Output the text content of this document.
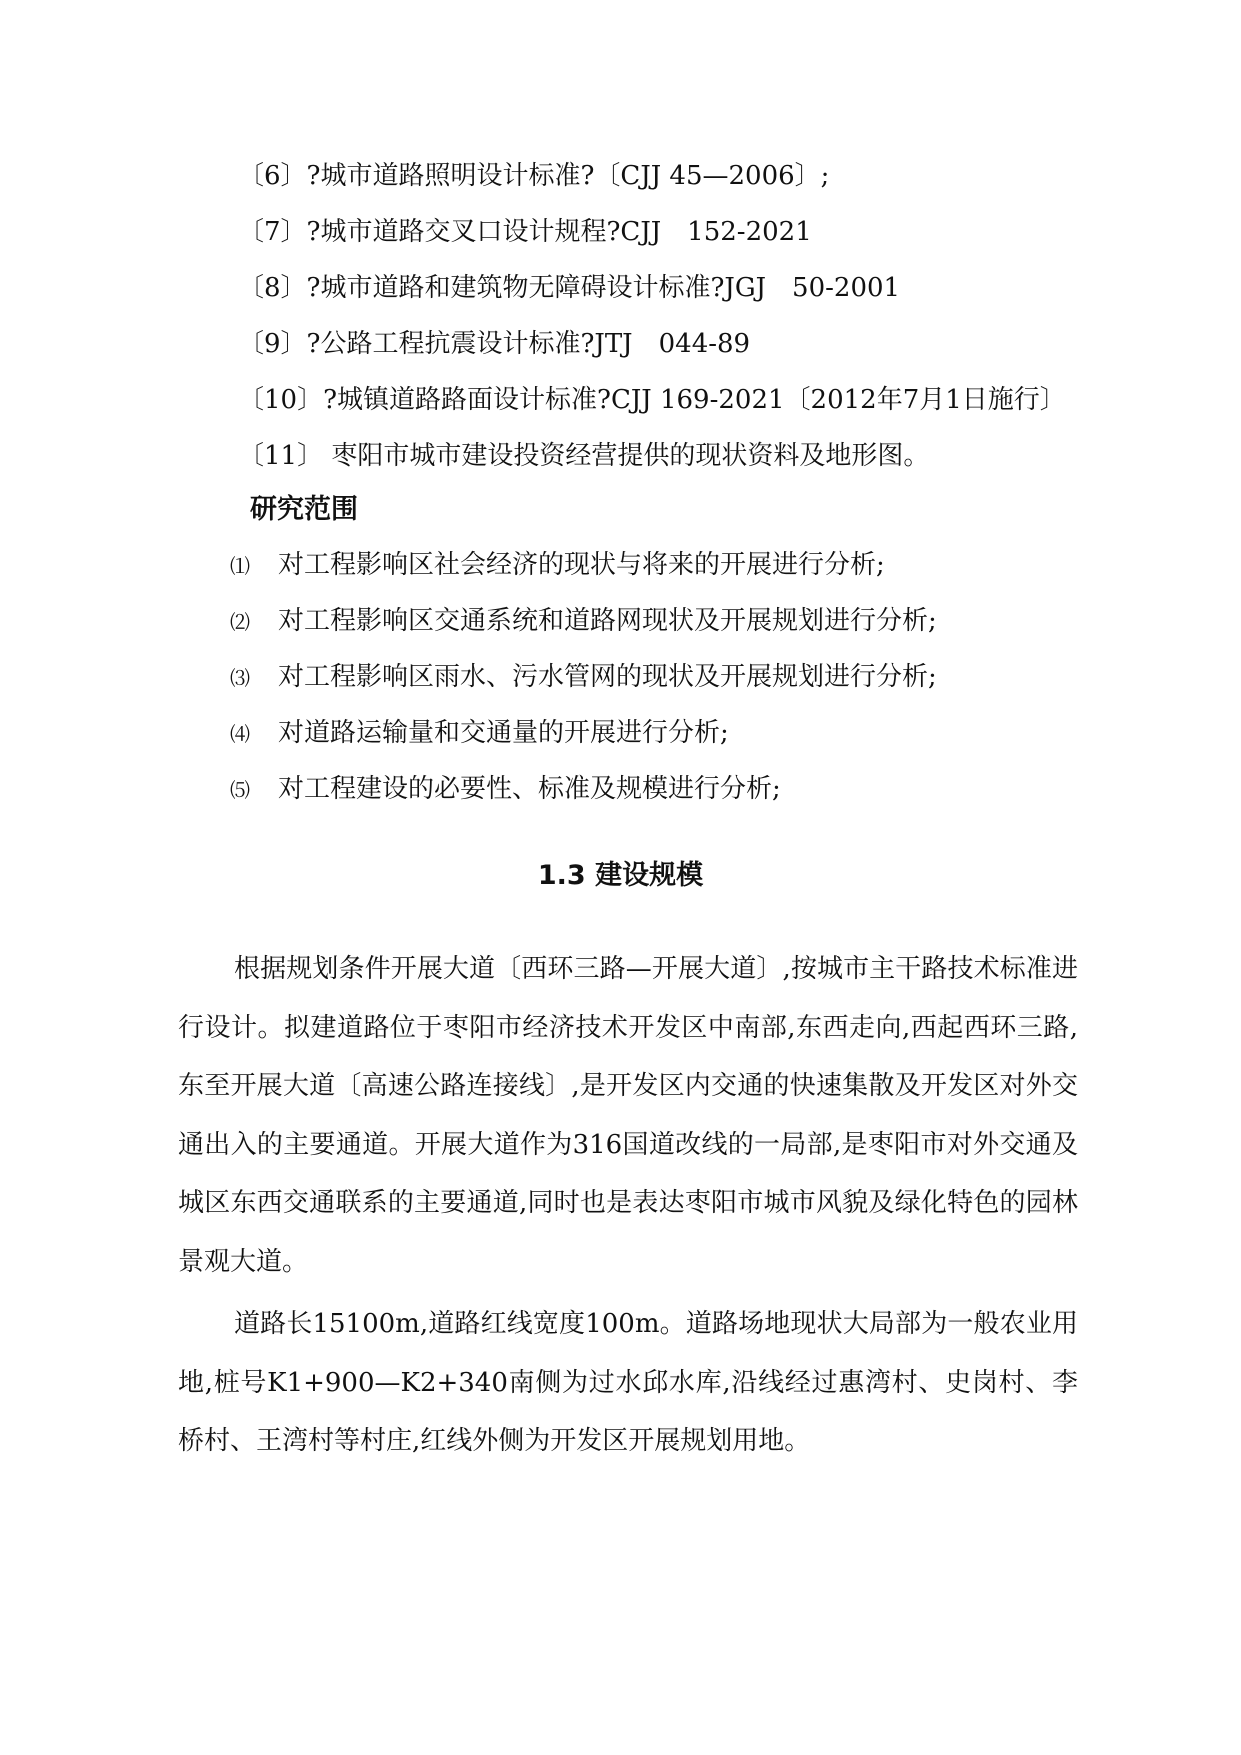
〔6〕?城市道路照明设计标准?〔CJJ 45—2006〕;
〔7〕?城市道路交叉口设计规程?CJJ　152-2021
〔8〕?城市道路和建筑物无障碍设计标准?JGJ　50-2001
〔9〕?公路工程抗震设计标准?JTJ　044-89
〔10〕?城镇道路路面设计标准?CJJ 169-2021〔2012年7月1日施行〕
〔11〕 枣阳市城市建设投资经营提供的现状资料及地形图。
研究范围
⑴ 对工程影响区社会经济的现状与将来的开展进行分析;
⑵ 对工程影响区交通系统和道路网现状及开展规划进行分析;
⑶ 对工程影响区雨水、污水管网的现状及开展规划进行分析;
⑷ 对道路运输量和交通量的开展进行分析;
⑸ 对工程建设的必要性、标准及规模进行分析;
1.3 建设规模

根据规划条件开展大道〔西环三路—开展大道〕,按城市主干路技术标准进行设计。拟建道路位于枣阳市经济技术开发区中南部,东西走向,西起西环三路,东至开展大道〔高速公路连接线〕,是开发区内交通的快速集散及开发区对外交通出入的主要通道。开展大道作为316国道改线的一局部,是枣阳市对外交通及城区东西交通联系的主要通道,同时也是表达枣阳市城市风貌及绿化特色的园林景观大道。

道路长15100m,道路红线宽度100m。道路场地现状大局部为一般农业用地,桩号K1+900—K2+340南侧为过水邱水库,沿线经过惠湾村、史岗村、李桥村、王湾村等村庄,红线外侧为开发区开展规划用地。
